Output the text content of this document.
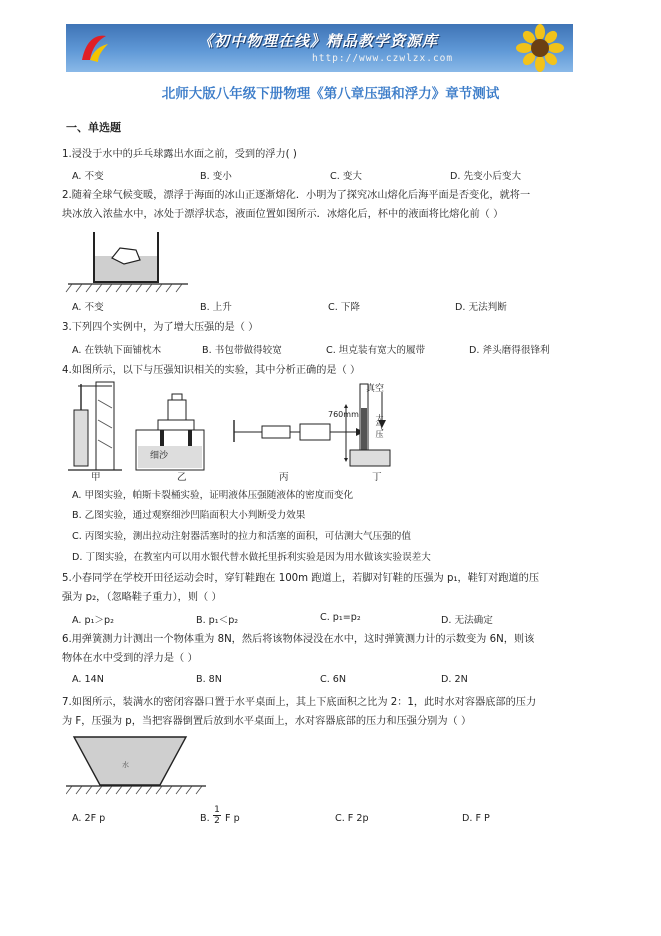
《初中物理在线》精品教学资源库
http://www.czwlzx.com
北师大版八年级下册物理《第八章压强和浮力》章节测试
一、单选题
1.浸没于水中的乒乓球露出水面之前，受到的浮力( )
A. 不变	B. 变小	C. 变大	D. 先变小后变大
2.随着全球气候变暖，漂浮于海面的冰山正逐渐熔化．小明为了探究冰山熔化后海平面是否变化，就将一
块冰放入浓盐水中，冰处于漂浮状态，液面位置如图所示．冰熔化后，杯中的液面将比熔化前（ ）
A. 不变	B. 上升	C. 下降	D. 无法判断
3.下列四个实例中，为了增大压强的是（ ）
A. 在铁轨下面铺枕木	B. 书包带做得较宽	C. 坦克装有宽大的履带	D. 斧头磨得很锋利
4.如图所示，以下与压强知识相关的实验，其中分析正确的是（ ）
细沙
真空
760mm 大气压
甲	乙	丙	丁
A. 甲图实验，帕斯卡裂桶实验，证明液体压强随液体的密度而变化
B. 乙图实验，通过观察细沙凹陷面积大小判断受力效果
C. 丙图实验，测出拉动注射器活塞时的拉力和活塞的面积，可估测大气压强的值
D. 丁图实验，在教室内可以用水银代替水做托里拆利实验是因为用水做该实验误差大
5.小春同学在学校开田径运动会时，穿钉鞋跑在 100m 跑道上，若脚对钉鞋的压强为 p₁，鞋钉对跑道的压
强为 p₂，（忽略鞋子重力），则（ ）
A. p₁＞p₂	B. p₁＜p₂	C. p₁=p₂	D. 无法确定
6.用弹簧测力计测出一个物体重为 8N，然后将该物体浸没在水中，这时弹簧测力计的示数变为 6N，则该
物体在水中受到的浮力是（ ）
A. 14N	B. 8N	C. 6N	D. 2N
7.如图所示，装满水的密闭容器口置于水平桌面上，其上下底面积之比为 2：1，此时水对容器底部的压力
为 F，压强为 p，当把容器倒置后放到水平桌面上，水对容器底部的压力和压强分别为（ ）
水
A. 2F p	B. $\frac{1}{2}$ F p	C. F 2p	D. F P
